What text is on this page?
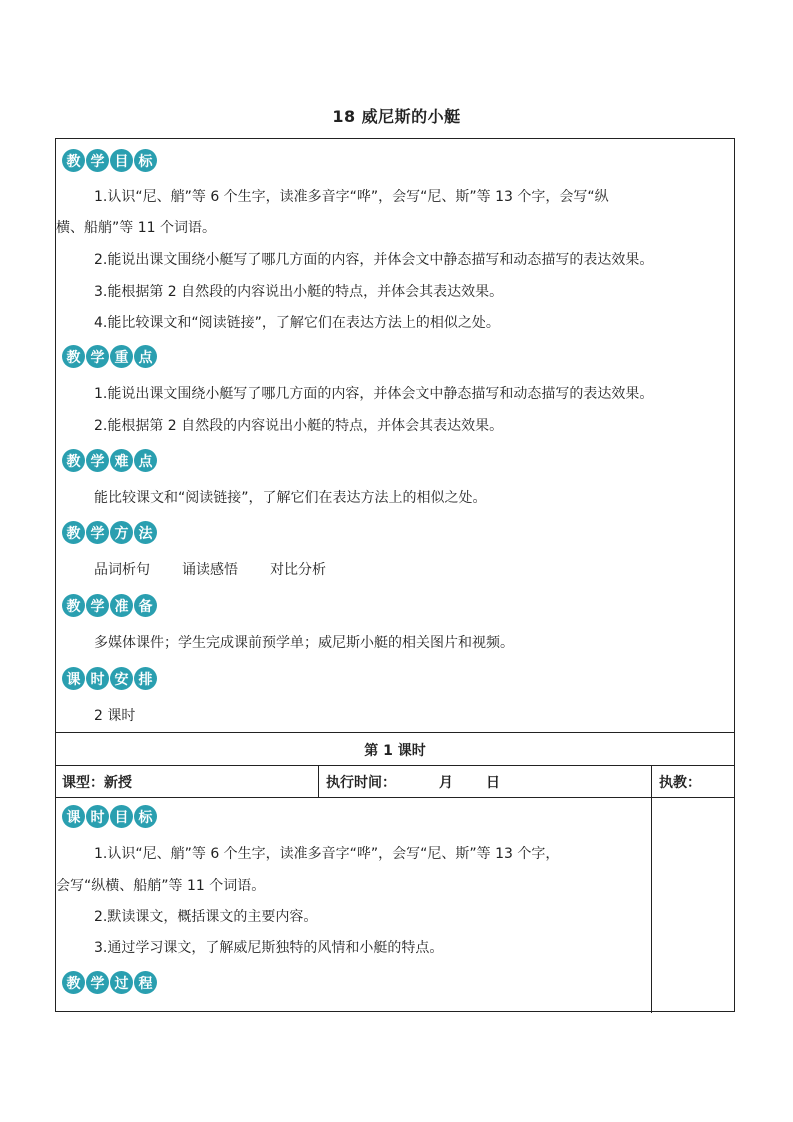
18 威尼斯的小艇
教 学 目 标
1.认识“尼、艄”等 6 个生字，读准多音字“哗”，会写“尼、斯”等 13 个字，会写“纵
横、船艄”等 11 个词语。
2.能说出课文围绕小艇写了哪几方面的内容，并体会文中静态描写和动态描写的表达效果。
3.能根据第 2 自然段的内容说出小艇的特点，并体会其表达效果。
4.能比较课文和“阅读链接”，了解它们在表达方法上的相似之处。
教 学 重 点
1.能说出课文围绕小艇写了哪几方面的内容，并体会文中静态描写和动态描写的表达效果。
2.能根据第 2 自然段的内容说出小艇的特点，并体会其表达效果。
教 学 难 点
能比较课文和“阅读链接”，了解它们在表达方法上的相似之处。
教 学 方 法
品词析句 诵读感悟 对比分析
教 学 准 备
多媒体课件；学生完成课前预学单；威尼斯小艇的相关图片和视频。
课 时 安 排
2 课时
第 1 课时
课型：新授	执行时间：	月 日	执教：
课 时 目 标
1.认识“尼、艄”等 6 个生字，读准多音字“哗”，会写“尼、斯”等 13 个字，
会写“纵横、船艄”等 11 个词语。
2.默读课文，概括课文的主要内容。
3.通过学习课文，了解威尼斯独特的风情和小艇的特点。
教 学 过 程
